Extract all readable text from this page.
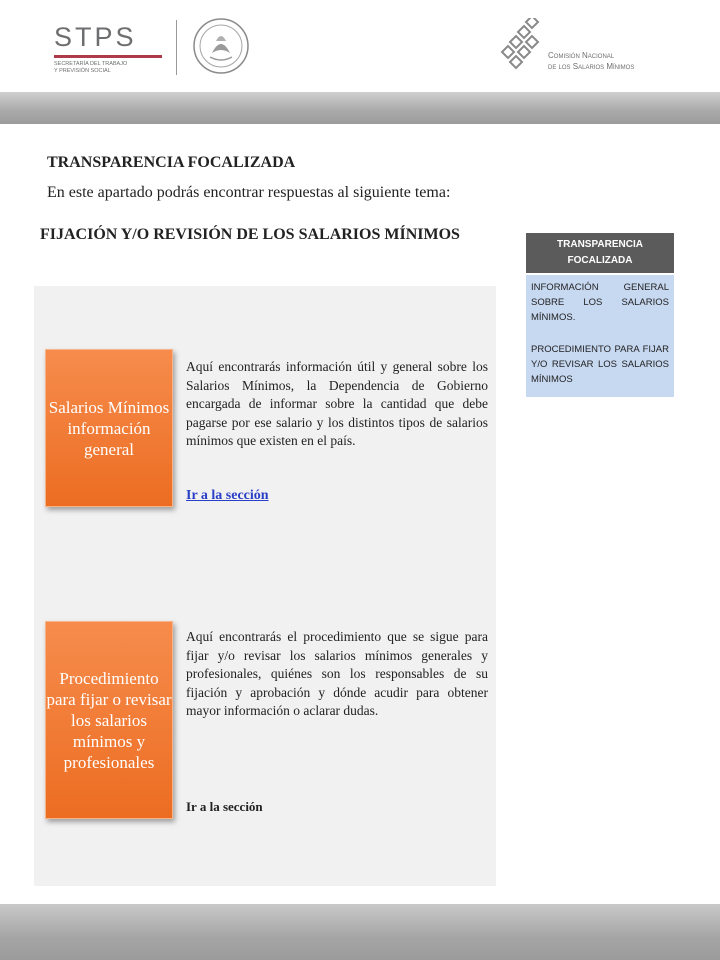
STPS
SECRETARÍA DEL TRABAJO
Y PREVISIÓN SOCIAL
Comisión Nacional
de los Salarios Mínimos
TRANSPARENCIA FOCALIZADA
En este apartado podrás encontrar respuestas al siguiente tema:
FIJACIÓN Y/O REVISIÓN DE LOS SALARIOS MÍNIMOS
Salarios Mínimos información general
Aquí encontrarás información útil y general sobre los Salarios Mínimos, la Dependencia de Gobierno encargada de informar sobre la cantidad que debe pagarse por ese salario y los distintos tipos de salarios mínimos que existen en el país.
Ir a la sección
Procedimiento para fijar o revisar los salarios mínimos y profesionales
Aquí encontrarás el procedimiento que se sigue para fijar y/o revisar los salarios mínimos generales y profesionales, quiénes son los responsables de su fijación y aprobación y dónde acudir para obtener mayor información o aclarar dudas.
Ir a la sección
TRANSPARENCIA FOCALIZADA
INFORMACIÓN GENERAL SOBRE LOS SALARIOS MÍNIMOS.
PROCEDIMIENTO PARA FIJAR Y/O REVISAR LOS SALARIOS MÍNIMOS
